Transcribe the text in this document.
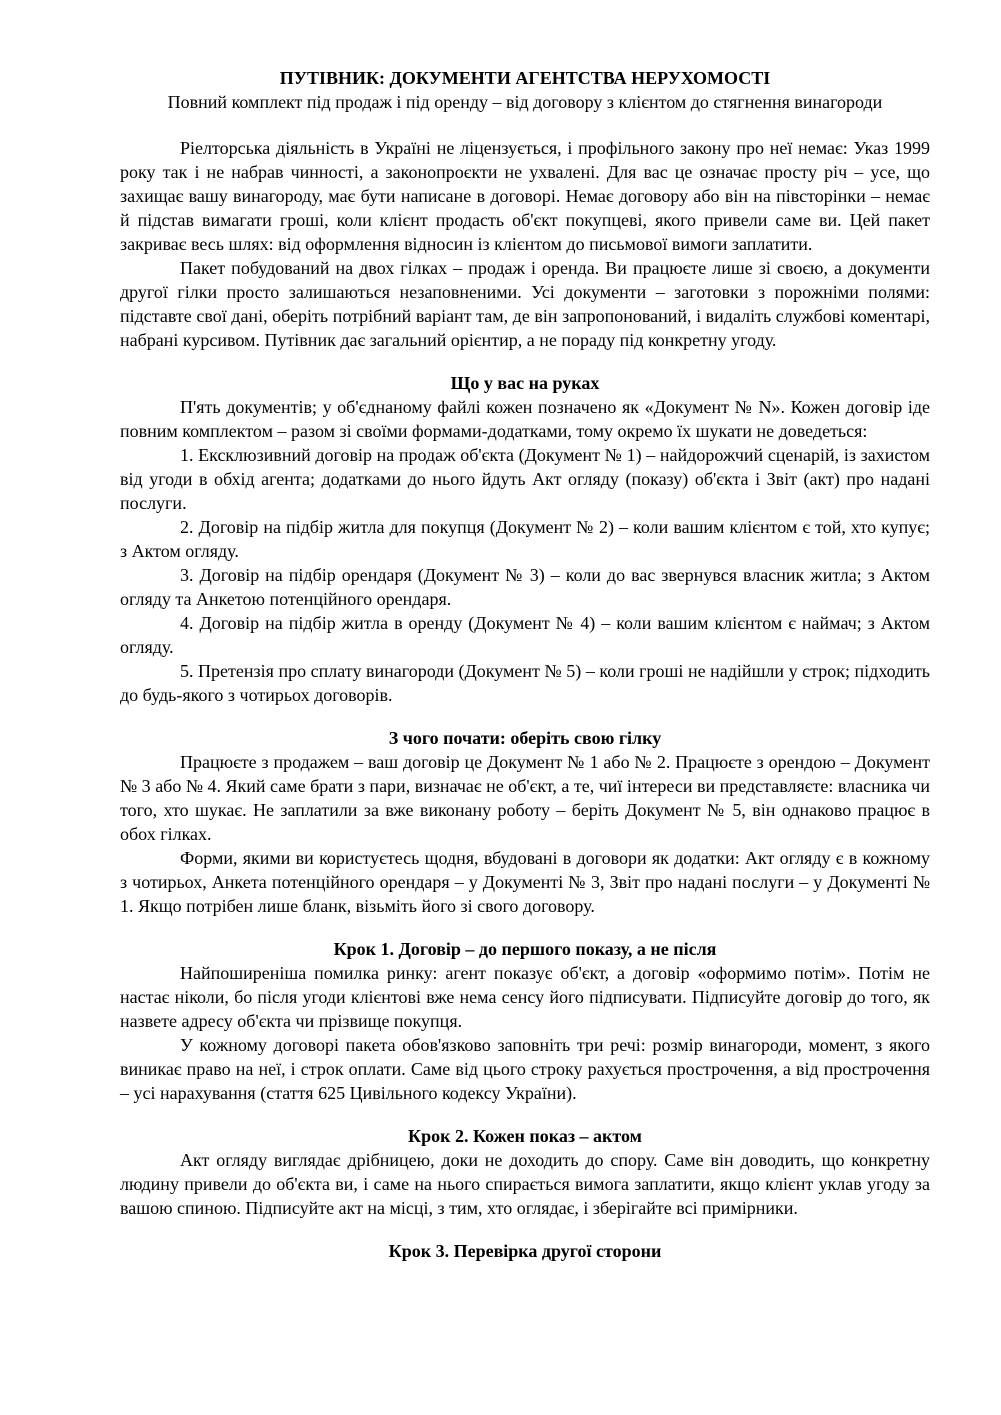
ПУТІВНИК: ДОКУМЕНТИ АГЕНТСТВА НЕРУХОМОСТІ
Повний комплект під продаж і під оренду – від договору з клієнтом до стягнення винагороди

Ріелторська діяльність в Україні не ліцензується, і профільного закону про неї немає: Указ 1999 року так і не набрав чинності, а законопроєкти не ухвалені. Для вас це означає просту річ – усе, що захищає вашу винагороду, має бути написане в договорі. Немає договору або він на півсторінки – немає й підстав вимагати гроші, коли клієнт продасть об'єкт покупцеві, якого привели саме ви. Цей пакет закриває весь шлях: від оформлення відносин із клієнтом до письмової вимоги заплатити.

Пакет побудований на двох гілках – продаж і оренда. Ви працюєте лише зі своєю, а документи другої гілки просто залишаються незаповненими. Усі документи – заготовки з порожніми полями: підставте свої дані, оберіть потрібний варіант там, де він запропонований, і видаліть службові коментарі, набрані курсивом. Путівник дає загальний орієнтир, а не пораду під конкретну угоду.

Що у вас на руках

П'ять документів; у об'єднаному файлі кожен позначено як «Документ № N». Кожен договір іде повним комплектом – разом зі своїми формами-додатками, тому окремо їх шукати не доведеться:

1. Ексклюзивний договір на продаж об'єкта (Документ № 1) – найдорожчий сценарій, із захистом від угоди в обхід агента; додатками до нього йдуть Акт огляду (показу) об'єкта і Звіт (акт) про надані послуги.

2. Договір на підбір житла для покупця (Документ № 2) – коли вашим клієнтом є той, хто купує; з Актом огляду.

3. Договір на підбір орендаря (Документ № 3) – коли до вас звернувся власник житла; з Актом огляду та Анкетою потенційного орендаря.

4. Договір на підбір житла в оренду (Документ № 4) – коли вашим клієнтом є наймач; з Актом огляду.

5. Претензія про сплату винагороди (Документ № 5) – коли гроші не надійшли у строк; підходить до будь-якого з чотирьох договорів.

З чого почати: оберіть свою гілку

Працюєте з продажем – ваш договір це Документ № 1 або № 2. Працюєте з орендою – Документ № 3 або № 4. Який саме брати з пари, визначає не об'єкт, а те, чиї інтереси ви представляєте: власника чи того, хто шукає. Не заплатили за вже виконану роботу – беріть Документ № 5, він однаково працює в обох гілках.

Форми, якими ви користуєтесь щодня, вбудовані в договори як додатки: Акт огляду є в кожному з чотирьох, Анкета потенційного орендаря – у Документі № 3, Звіт про надані послуги – у Документі № 1. Якщо потрібен лише бланк, візьміть його зі свого договору.

Крок 1. Договір – до першого показу, а не після

Найпоширеніша помилка ринку: агент показує об'єкт, а договір «оформимо потім». Потім не настає ніколи, бо після угоди клієнтові вже нема сенсу його підписувати. Підписуйте договір до того, як назвете адресу об'єкта чи прізвище покупця.

У кожному договорі пакета обов'язково заповніть три речі: розмір винагороди, момент, з якого виникає право на неї, і строк оплати. Саме від цього строку рахується прострочення, а від прострочення – усі нарахування (стаття 625 Цивільного кодексу України).

Крок 2. Кожен показ – актом

Акт огляду виглядає дрібницею, доки не доходить до спору. Саме він доводить, що конкретну людину привели до об'єкта ви, і саме на нього спирається вимога заплатити, якщо клієнт уклав угоду за вашою спиною. Підписуйте акт на місці, з тим, хто оглядає, і зберігайте всі примірники.

Крок 3. Перевірка другої сторони
